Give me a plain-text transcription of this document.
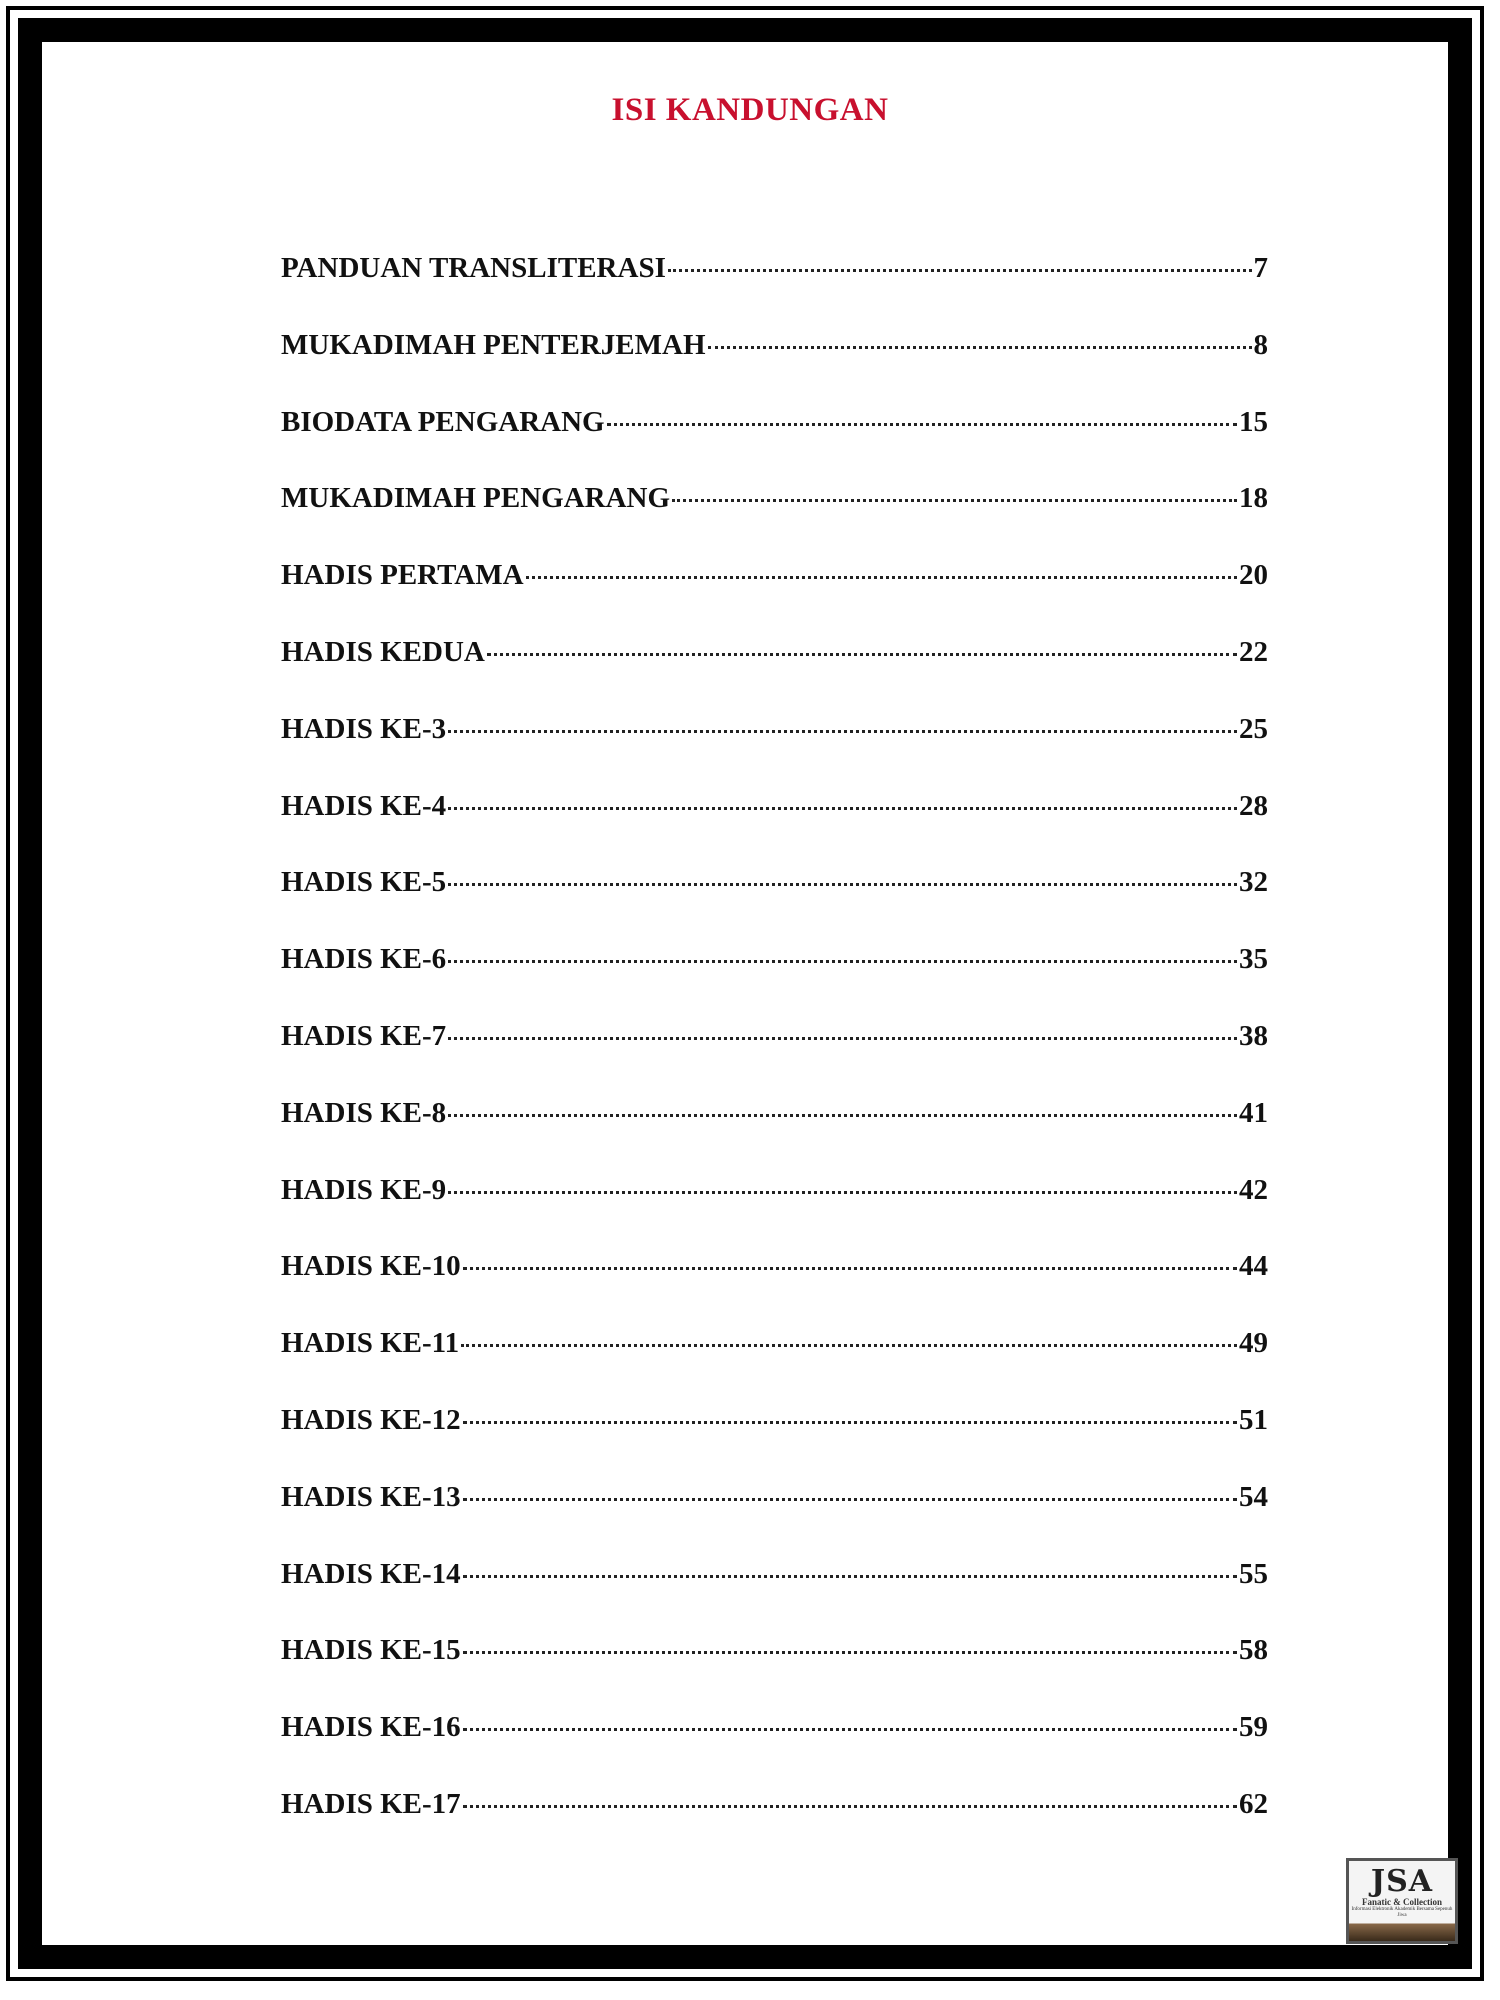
ISI KANDUNGAN
PANDUAN TRANSLITERASI	7
MUKADIMAH PENTERJEMAH	8
BIODATA PENGARANG	15
MUKADIMAH PENGARANG	18
HADIS PERTAMA	20
HADIS KEDUA	22
HADIS KE-3	25
HADIS KE-4	28
HADIS KE-5	32
HADIS KE-6	35
HADIS KE-7	38
HADIS KE-8	41
HADIS KE-9	42
HADIS KE-10	44
HADIS KE-11	49
HADIS KE-12	51
HADIS KE-13	54
HADIS KE-14	55
HADIS KE-15	58
HADIS KE-16	59
HADIS KE-17	62
JSA
Fanatic & Collection
Informasi Elektronik Akademik Bersama Sepenuh Jiwa
